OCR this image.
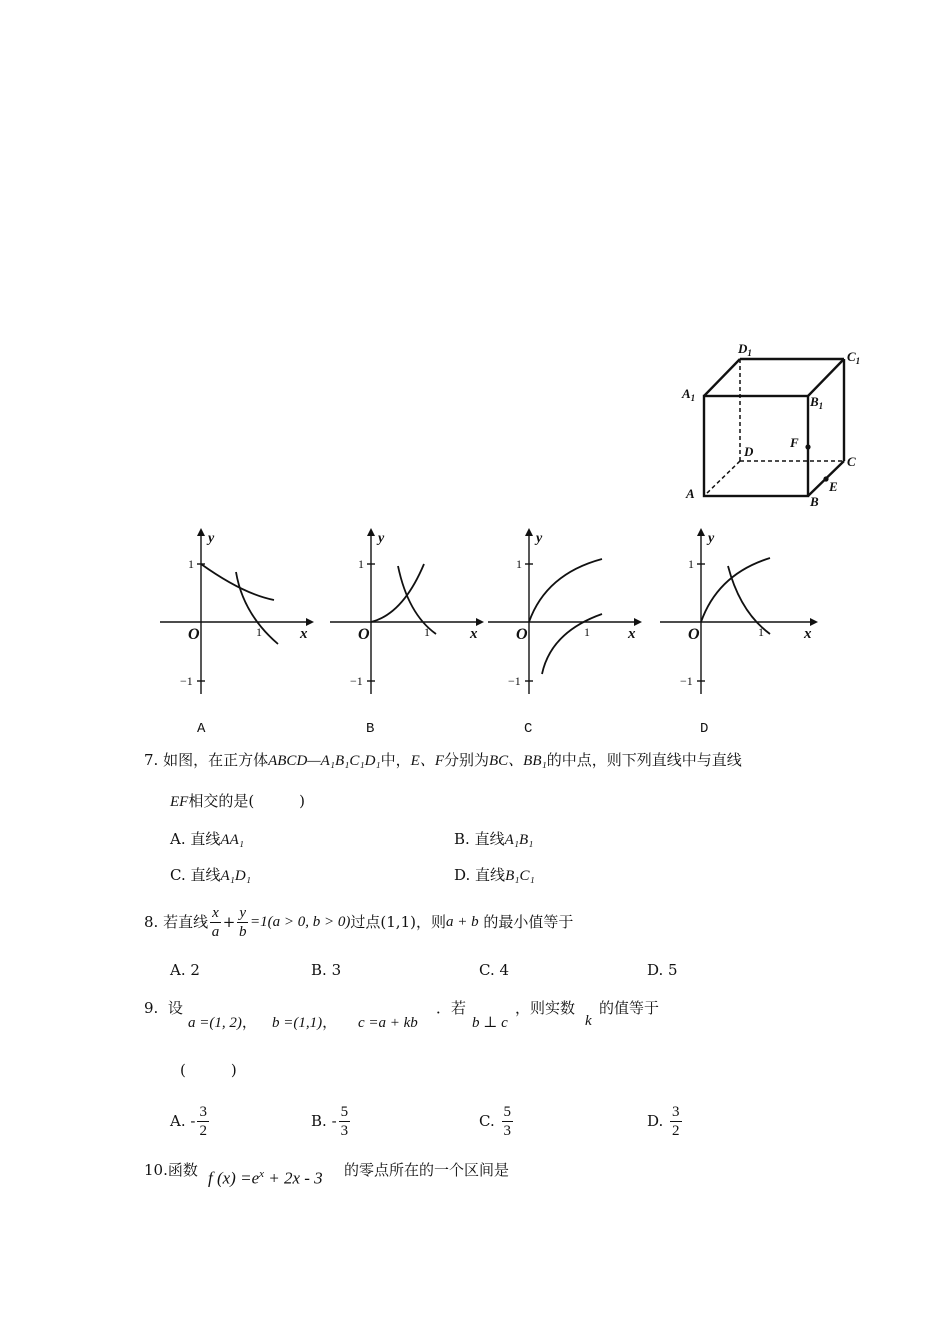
$D_1$	$C_1$
$A_1$	$B_1$
F
D
C
A	E
B
y
x
O
1
1
−1
y
x
O
1
1
−1
y
x
O
1
1
−1
y
x
O
1
1
−1
A	B	C	D
7. 如图，在正方体ABCD—A₁B₁C₁D₁中，E、F分别为BC、BB₁的中点，则下列直线中与直线
EF相交的是(　　　)
A. 直线AA₁	B. 直线A₁B₁
C. 直线A₁D₁	D. 直线B₁C₁
8.
若直线 $\frac{x}{a} + \frac{y}{b} =1(a > 0$, b > 0) 过点 (1,1) ，则 a + b
的最小值等于
A. 2	B. 3	C. 4	D. 5
9. 设
a =(1, 2)， b =(1,1)， c =a + kb
．若
b ⊥ c
，则实数
k
的值等于
(　　　)
A.
- $\frac{3}{2}$	B.
- $\frac{5}{3}$	C.
$\frac{5}{3}$	D.
$\frac{3}{2}$
10.函数 f $(x) =e^x + 2x - 3$ 的零点所在的一个区间是
